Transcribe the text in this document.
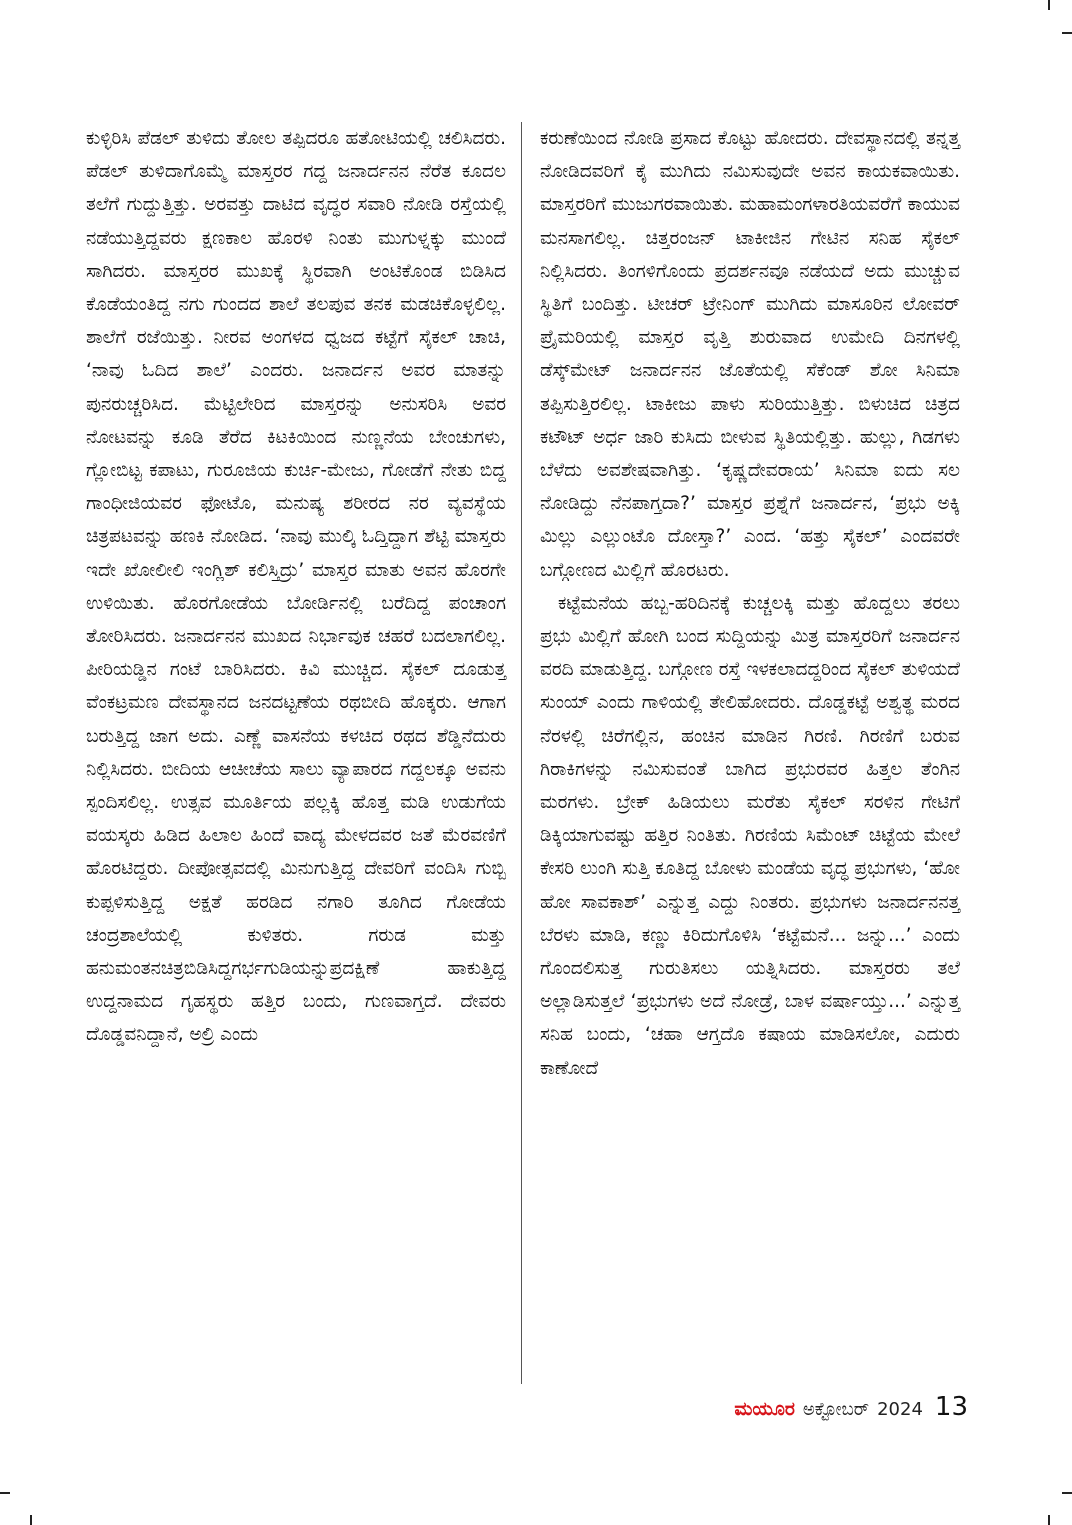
ಕುಳ್ಳಿರಿಸಿ ಪೆಡಲ್ ತುಳಿದು ತೋಲ ತಪ್ಪಿದರೂ ಹತೋಟಿಯಲ್ಲಿ ಚಲಿಸಿದರು. ಪೆಡಲ್ ತುಳಿದಾಗೊಮ್ಮೆ ಮಾಸ್ತರರ ಗದ್ದ ಜನಾರ್ದನನ ನೆರೆತ ಕೂದಲ ತಲೆಗೆ ಗುದ್ದುತ್ತಿತ್ತು. ಅರವತ್ತು ದಾಟಿದ ವೃದ್ಧರ ಸವಾರಿ ನೋಡಿ ರಸ್ತೆಯಲ್ಲಿ ನಡೆಯುತ್ತಿದ್ದವರು ಕ್ಷಣಕಾಲ ಹೊರಳಿ ನಿಂತು ಮುಗುಳ್ನಕ್ಕು ಮುಂದೆ ಸಾಗಿದರು. ಮಾಸ್ತರರ ಮುಖಕ್ಕೆ ಸ್ಥಿರವಾಗಿ ಅಂಟಿಕೊಂಡ ಬಿಡಿಸಿದ ಕೊಡೆಯಂತಿದ್ದ ನಗು ಗುಂದದ ಶಾಲೆ ತಲಪುವ ತನಕ ಮಡಚಿಕೊಳ್ಳಲಿಲ್ಲ. ಶಾಲೆಗೆ ರಜೆಯಿತ್ತು. ನೀರವ ಅಂಗಳದ ಧ್ವಜದ ಕಟ್ಟೆಗೆ ಸೈಕಲ್ ಚಾಚಿ, ‘ನಾವು ಓದಿದ ಶಾಲೆ’ ಎಂದರು. ಜನಾರ್ದನ ಅವರ ಮಾತನ್ನು ಪುನರುಚ್ಚರಿಸಿದ. ಮೆಟ್ಟಿಲೇರಿದ ಮಾಸ್ತರನ್ನು ಅನುಸರಿಸಿ ಅವರ ನೋಟವನ್ನು ಕೂಡಿ ತೆರೆದ ಕಿಟಕಿಯಿಂದ ನುಣ್ಣನೆಯ ಬೇಂಚುಗಳು, ಗ್ಲೋಬಿಟ್ಟ ಕಪಾಟು, ಗುರೂಜಿಯ ಕುರ್ಚಿ-ಮೇಜು, ಗೋಡೆಗೆ ನೇತು ಬಿದ್ದ ಗಾಂಧೀಜಿಯವರ ಫೋಟೊ, ಮನುಷ್ಯ ಶರೀರದ ನರ ವ್ಯವಸ್ಥೆಯ ಚಿತ್ರಪಟವನ್ನು ಹಣಕಿ ನೋಡಿದ. ‘ನಾವು ಮುಲ್ಕಿ ಓದ್ತಿದ್ದಾಗ ಶೆಟ್ಟಿ ಮಾಸ್ತರು ಇದೇ ಖೋಲೀಲಿ ಇಂಗ್ಲಿಶ್ ಕಲಿಸ್ತಿದ್ರು’ ಮಾಸ್ತರ ಮಾತು ಅವನ ಹೊರಗೇ ಉಳಿಯಿತು. ಹೊರಗೋಡೆಯ ಬೋರ್ಡಿನಲ್ಲಿ ಬರೆದಿದ್ದ ಪಂಚಾಂಗ ತೋರಿಸಿದರು. ಜನಾರ್ದನನ ಮುಖದ ನಿರ್ಭಾವುಕ ಚಹರೆ ಬದಲಾಗಲಿಲ್ಲ. ಪೀರಿಯಡ್ಡಿನ ಗಂಟೆ ಬಾರಿಸಿದರು. ಕಿವಿ ಮುಚ್ಚಿದ. ಸೈಕಲ್ ದೂಡುತ್ತ ವೆಂಕಟ್ರಮಣ ದೇವಸ್ಥಾನದ ಜನದಟ್ಟಣೆಯ ರಥಬೀದಿ ಹೊಕ್ಕರು. ಆಗಾಗ ಬರುತ್ತಿದ್ದ ಜಾಗ ಅದು. ಎಣ್ಣೆ ವಾಸನೆಯ ಕಳಚಿದ ರಥದ ಶೆಡ್ಡಿನೆದುರು ನಿಲ್ಲಿಸಿದರು. ಬೀದಿಯ ಆಚೀಚೆಯ ಸಾಲು ವ್ಯಾಪಾರದ ಗದ್ದಲಕ್ಕೂ ಅವನು ಸ್ಪಂದಿಸಲಿಲ್ಲ. ಉತ್ಸವ ಮೂರ್ತಿಯ ಪಲ್ಲಕ್ಕಿ ಹೊತ್ತ ಮಡಿ ಉಡುಗೆಯ ವಯಸ್ಕರು ಹಿಡಿದ ಹಿಲಾಲ ಹಿಂದೆ ವಾದ್ಯ ಮೇಳದವರ ಜತೆ ಮೆರವಣಿಗೆ ಹೊರಟಿದ್ದರು. ದೀಪೋತ್ಸವದಲ್ಲಿ ಮಿನುಗುತ್ತಿದ್ದ ದೇವರಿಗೆ ವಂದಿಸಿ ಗುಬ್ಬಿ ಕುಪ್ಪಳಿಸುತ್ತಿದ್ದ ಅಕ್ಷತೆ ಹರಡಿದ ನಗಾರಿ ತೂಗಿದ ಗೋಡೆಯ ಚಂದ್ರಶಾಲೆಯಲ್ಲಿ ಕುಳಿತರು. ಗರುಡ ಮತ್ತು ಹನುಮಂತನಚಿತ್ರಬಿಡಿಸಿದ್ದಗರ್ಭಗುಡಿಯನ್ನುಪ್ರದಕ್ಷಿಣೆ ಹಾಕುತ್ತಿದ್ದ ಉದ್ದನಾಮದ ಗೃಹಸ್ಥರು ಹತ್ತಿರ ಬಂದು, ಗುಣವಾಗ್ತದೆ. ದೇವರು ದೊಡ್ಡವನಿದ್ದಾನೆ, ಅಲ್ರಿ ಎಂದು

ಕರುಣೆಯಿಂದ ನೋಡಿ ಪ್ರಸಾದ ಕೊಟ್ಟು ಹೋದರು. ದೇವಸ್ಥಾನದಲ್ಲಿ ತನ್ನತ್ತ ನೋಡಿದವರಿಗೆ ಕೈ ಮುಗಿದು ನಮಿಸುವುದೇ ಅವನ ಕಾಯಕವಾಯಿತು. ಮಾಸ್ತರರಿಗೆ ಮುಜುಗರವಾಯಿತು. ಮಹಾಮಂಗಳಾರತಿಯವರೆಗೆ ಕಾಯುವ ಮನಸಾಗಲಿಲ್ಲ. ಚಿತ್ತರಂಜನ್ ಟಾಕೀಜಿನ ಗೇಟಿನ ಸನಿಹ ಸೈಕಲ್ ನಿಲ್ಲಿಸಿದರು. ತಿಂಗಳಿಗೊಂದು ಪ್ರದರ್ಶನವೂ ನಡೆಯದೆ ಅದು ಮುಚ್ಚುವ ಸ್ಥಿತಿಗೆ ಬಂದಿತ್ತು. ಟೀಚರ್ ಟ್ರೇನಿಂಗ್ ಮುಗಿದು ಮಾಸೂರಿನ ಲೋವರ್ ಪ್ರೈಮರಿಯಲ್ಲಿ ಮಾಸ್ತರ ವೃತ್ತಿ ಶುರುವಾದ ಉಮೇದಿ ದಿನಗಳಲ್ಲಿ ಡೆಸ್ಕ್‌ಮೇಟ್ ಜನಾರ್ದನನ ಜೊತೆಯಲ್ಲಿ ಸೆಕೆಂಡ್ ಶೋ ಸಿನಿಮಾ ತಪ್ಪಿಸುತ್ತಿರಲಿಲ್ಲ. ಟಾಕೀಜು ಪಾಳು ಸುರಿಯುತ್ತಿತ್ತು. ಬಿಳುಚಿದ ಚಿತ್ರದ ಕಟೌಟ್ ಅರ್ಧ ಜಾರಿ ಕುಸಿದು ಬೀಳುವ ಸ್ಥಿತಿಯಲ್ಲಿತ್ತು. ಹುಲ್ಲು, ಗಿಡಗಳು ಬೆಳೆದು ಅವಶೇಷವಾಗಿತ್ತು. ‘ಕೃಷ್ಣದೇವರಾಯ’ ಸಿನಿಮಾ ಐದು ಸಲ ನೋಡಿದ್ದು ನೆನಪಾಗ್ತದಾ?’ ಮಾಸ್ತರ ಪ್ರಶ್ನೆಗೆ ಜನಾರ್ದನ, ‘ಪ್ರಭು ಅಕ್ಕಿ ಮಿಲ್ಲು ಎಲ್ಲುಂಟೊ ದೋಸ್ತಾ?’ ಎಂದ. ‘ಹತ್ತು ಸೈಕಲ್’ ಎಂದವರೇ ಬಗ್ಗೋಣದ ಮಿಲ್ಲಿಗೆ ಹೊರಟರು.

ಕಟ್ಟೆಮನೆಯ ಹಬ್ಬ-ಹರಿದಿನಕ್ಕೆ ಕುಚ್ಚಲಕ್ಕಿ ಮತ್ತು ಹೊದ್ದಲು ತರಲು ಪ್ರಭು ಮಿಲ್ಲಿಗೆ ಹೋಗಿ ಬಂದ ಸುದ್ದಿಯನ್ನು ಮಿತ್ರ ಮಾಸ್ತರರಿಗೆ ಜನಾರ್ದನ ವರದಿ ಮಾಡುತ್ತಿದ್ದ. ಬಗ್ಗೋಣ ರಸ್ತೆ ಇಳಕಲಾದದ್ದರಿಂದ ಸೈಕಲ್ ತುಳಿಯದೆ ಸುಂಯ್ ಎಂದು ಗಾಳಿಯಲ್ಲಿ ತೇಲಿಹೋದರು. ದೊಡ್ಡಕಟ್ಟೆ ಅಶ್ವತ್ಥ ಮರದ ನೆರಳಲ್ಲಿ ಚಿರೆಗಲ್ಲಿನ, ಹಂಚಿನ ಮಾಡಿನ ಗಿರಣಿ. ಗಿರಣಿಗೆ ಬರುವ ಗಿರಾಕಿಗಳನ್ನು ನಮಿಸುವಂತೆ ಬಾಗಿದ ಪ್ರಭುರವರ ಹಿತ್ತಲ ತೆಂಗಿನ ಮರಗಳು. ಬ್ರೇಕ್ ಹಿಡಿಯಲು ಮರೆತು ಸೈಕಲ್ ಸರಳಿನ ಗೇಟಿಗೆ ಡಿಕ್ಕಿಯಾಗುವಷ್ಟು ಹತ್ತಿರ ನಿಂತಿತು. ಗಿರಣಿಯ ಸಿಮೆಂಟ್ ಚಿಟ್ಟೆಯ ಮೇಲೆ ಕೇಸರಿ ಲುಂಗಿ ಸುತ್ತಿ ಕೂತಿದ್ದ ಬೋಳು ಮಂಡೆಯ ವೃದ್ಧ ಪ್ರಭುಗಳು, ‘ಹೋ ಹೋ ಸಾವಕಾಶ್’ ಎನ್ನುತ್ತ ಎದ್ದು ನಿಂತರು. ಪ್ರಭುಗಳು ಜನಾರ್ದನನತ್ತ ಬೆರಳು ಮಾಡಿ, ಕಣ್ಣು ಕಿರಿದುಗೊಳಿಸಿ ‘ಕಟ್ಟೆಮನೆ... ಜನ್ನು...’ ಎಂದು ಗೊಂದಲಿಸುತ್ತ ಗುರುತಿಸಲು ಯತ್ನಿಸಿದರು. ಮಾಸ್ತರರು ತಲೆ ಅಲ್ಲಾಡಿಸುತ್ತಲೆ ‘ಪ್ರಭುಗಳು ಅದೆ ನೋಡ್ರೆ, ಬಾಳ ವರ್ಷಾಯ್ತು...’ ಎನ್ನುತ್ತ ಸನಿಹ ಬಂದು, ‘ಚಹಾ ಆಗ್ತದೊ ಕಷಾಯ ಮಾಡಿಸಲೋ, ಎದುರು ಕಾಣೋದೆ

ಮಯೂರ ಅಕ್ಟೋಬರ್ 2024 13
